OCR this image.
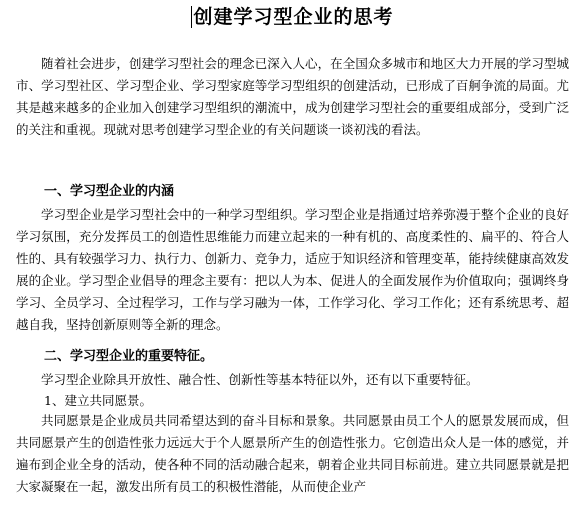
创建学习型企业的思考

随着社会进步，创建学习型社会的理念已深入人心，在全国众多城市和地区大力开展的学习型城市、学习型社区、学习型企业、学习型家庭等学习型组织的创建活动，已形成了百舸争流的局面。尤其是越来越多的企业加入创建学习型组织的潮流中，成为创建学习型社会的重要组成部分，受到广泛的关注和重视。现就对思考创建学习型企业的有关问题谈一谈初浅的看法。

一、学习型企业的内涵

学习型企业是学习型社会中的一种学习型组织。学习型企业是指通过培养弥漫于整个企业的良好学习氛围，充分发挥员工的创造性思维能力而建立起来的一种有机的、高度柔性的、扁平的、符合人性的、具有较强学习力、执行力、创新力、竞争力，适应于知识经济和管理变革，能持续健康高效发展的企业。学习型企业倡导的理念主要有：把以人为本、促进人的全面发展作为价值取向；强调终身学习、全员学习、全过程学习，工作与学习融为一体，工作学习化、学习工作化；还有系统思考、超越自我，坚持创新原则等全新的理念。

二、学习型企业的重要特征。

学习型企业除具开放性、融合性、创新性等基本特征以外，还有以下重要特征。

1、建立共同愿景。

共同愿景是企业成员共同希望达到的奋斗目标和景象。共同愿景由员工个人的愿景发展而成，但共同愿景产生的创造性张力远远大于个人愿景所产生的创造性张力。它创造出众人是一体的感觉，并遍布到企业全身的活动，使各种不同的活动融合起来，朝着企业共同目标前进。建立共同愿景就是把大家凝聚在一起，激发出所有员工的积极性潜能，从而使企业产
